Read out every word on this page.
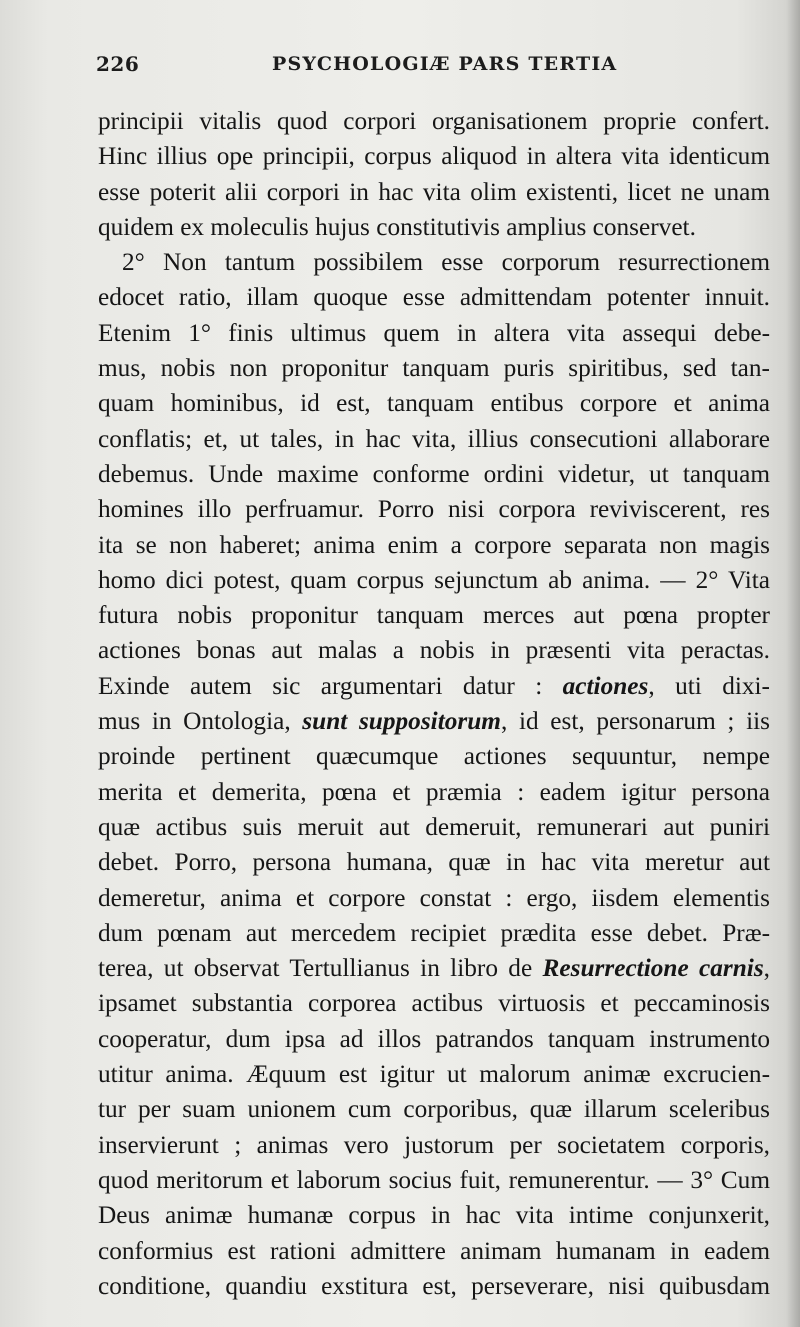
226	PSYCHOLOGIÆ PARS TERTIA
principii vitalis quod corpori organisationem proprie confert.
Hinc illius ope principii, corpus aliquod in altera vita identicum
esse poterit alii corpori in hac vita olim existenti, licet ne unam
quidem ex moleculis hujus constitutivis amplius conservet.
2° Non tantum possibilem esse corporum resurrectionem
edocet ratio, illam quoque esse admittendam potenter innuit.
Etenim 1° finis ultimus quem in altera vita assequi debe-
mus, nobis non proponitur tanquam puris spiritibus, sed tan-
quam hominibus, id est, tanquam entibus corpore et anima
conflatis; et, ut tales, in hac vita, illius consecutioni allaborare
debemus. Unde maxime conforme ordini videtur, ut tanquam
homines illo perfruamur. Porro nisi corpora reviviscerent, res
ita se non haberet; anima enim a corpore separata non magis
homo dici potest, quam corpus sejunctum ab anima. — 2° Vita
futura nobis proponitur tanquam merces aut pœna propter
actiones bonas aut malas a nobis in præsenti vita peractas.
Exinde autem sic argumentari datur : actiones, uti dixi-
mus in Ontologia, sunt suppositorum, id est, personarum ; iis
proinde pertinent quæcumque actiones sequuntur, nempe
merita et demerita, pœna et præmia : eadem igitur persona
quæ actibus suis meruit aut demeruit, remunerari aut puniri
debet. Porro, persona humana, quæ in hac vita meretur aut
demeretur, anima et corpore constat : ergo, iisdem elementis
dum pœnam aut mercedem recipiet prædita esse debet. Præ-
terea, ut observat Tertullianus in libro de Resurrectione carnis,
ipsamet substantia corporea actibus virtuosis et peccaminosis
cooperatur, dum ipsa ad illos patrandos tanquam instrumento
utitur anima. Æquum est igitur ut malorum animæ excrucien-
tur per suam unionem cum corporibus, quæ illarum sceleribus
inservierunt ; animas vero justorum per societatem corporis,
quod meritorum et laborum socius fuit, remunerentur. — 3° Cum
Deus animæ humanæ corpus in hac vita intime conjunxerit,
conformius est rationi admittere animam humanam in eadem
conditione, quandiu exstitura est, perseverare, nisi quibusdam
